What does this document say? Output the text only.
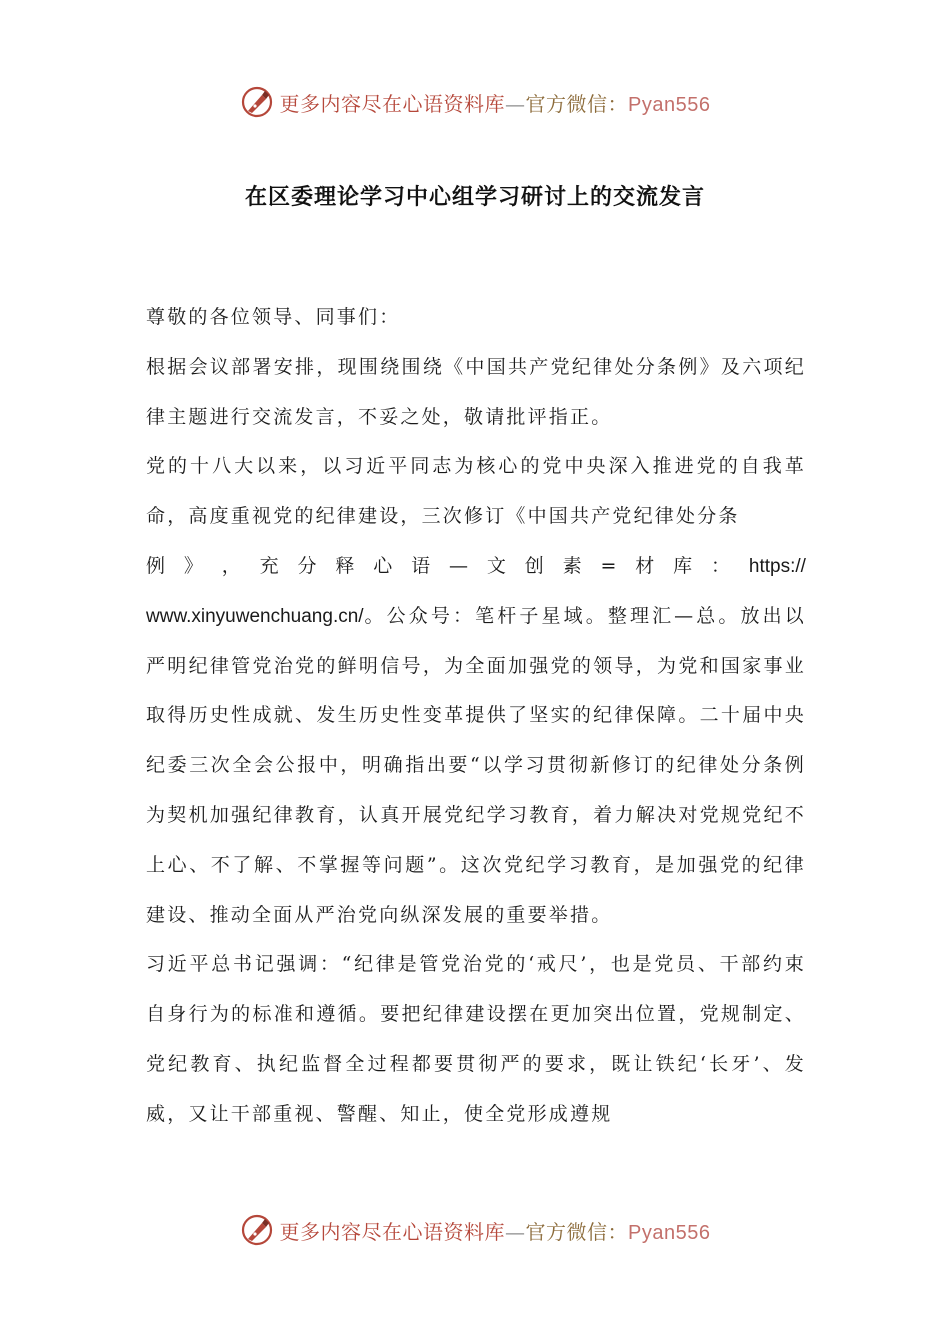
更多内容尽在心语资料库—官方微信：Pyan556
在区委理论学习中心组学习研讨上的交流发言

尊敬的各位领导、同事们：

根据会议部署安排，现围绕围绕《中国共产党纪律处分条例》及六项纪律主题进行交流发言，不妥之处，敬请批评指正。

党的十八大以来，以习近平同志为核心的党中央深入推进党的自我革命，高度重视党的纪律建设，三次修订《中国共产党纪律处分条
例 》 ， 充 分 释 心 语 — 文 创 素 = 材 库 ： https://
www.xinyuwenchuang.cn/。公众号：笔杆子星域。整理汇—总。放出以严明纪律管党治党的鲜明信号，为全面加强党的领导，为党和国家事业取得历史性成就、发生历史性变革提供了坚实的纪律保障。二十届中央纪委三次全会公报中，明确指出要“以学习贯彻新修订的纪律处分条例为契机加强纪律教育，认真开展党纪学习教育，着力解决对党规党纪不上心、不了解、不掌握等问题”。这次党纪学习教育，是加强党的纪律建设、推动全面从严治党向纵深发展的重要举措。

习近平总书记强调：“纪律是管党治党的‘戒尺’，也是党员、干部约束自身行为的标准和遵循。要把纪律建设摆在更加突出位置，党规制定、党纪教育、执纪监督全过程都要贯彻严的要求，既让铁纪‘长牙’、发威，又让干部重视、警醒、知止，使全党形成遵规

更多内容尽在心语资料库—官方微信：Pyan556
